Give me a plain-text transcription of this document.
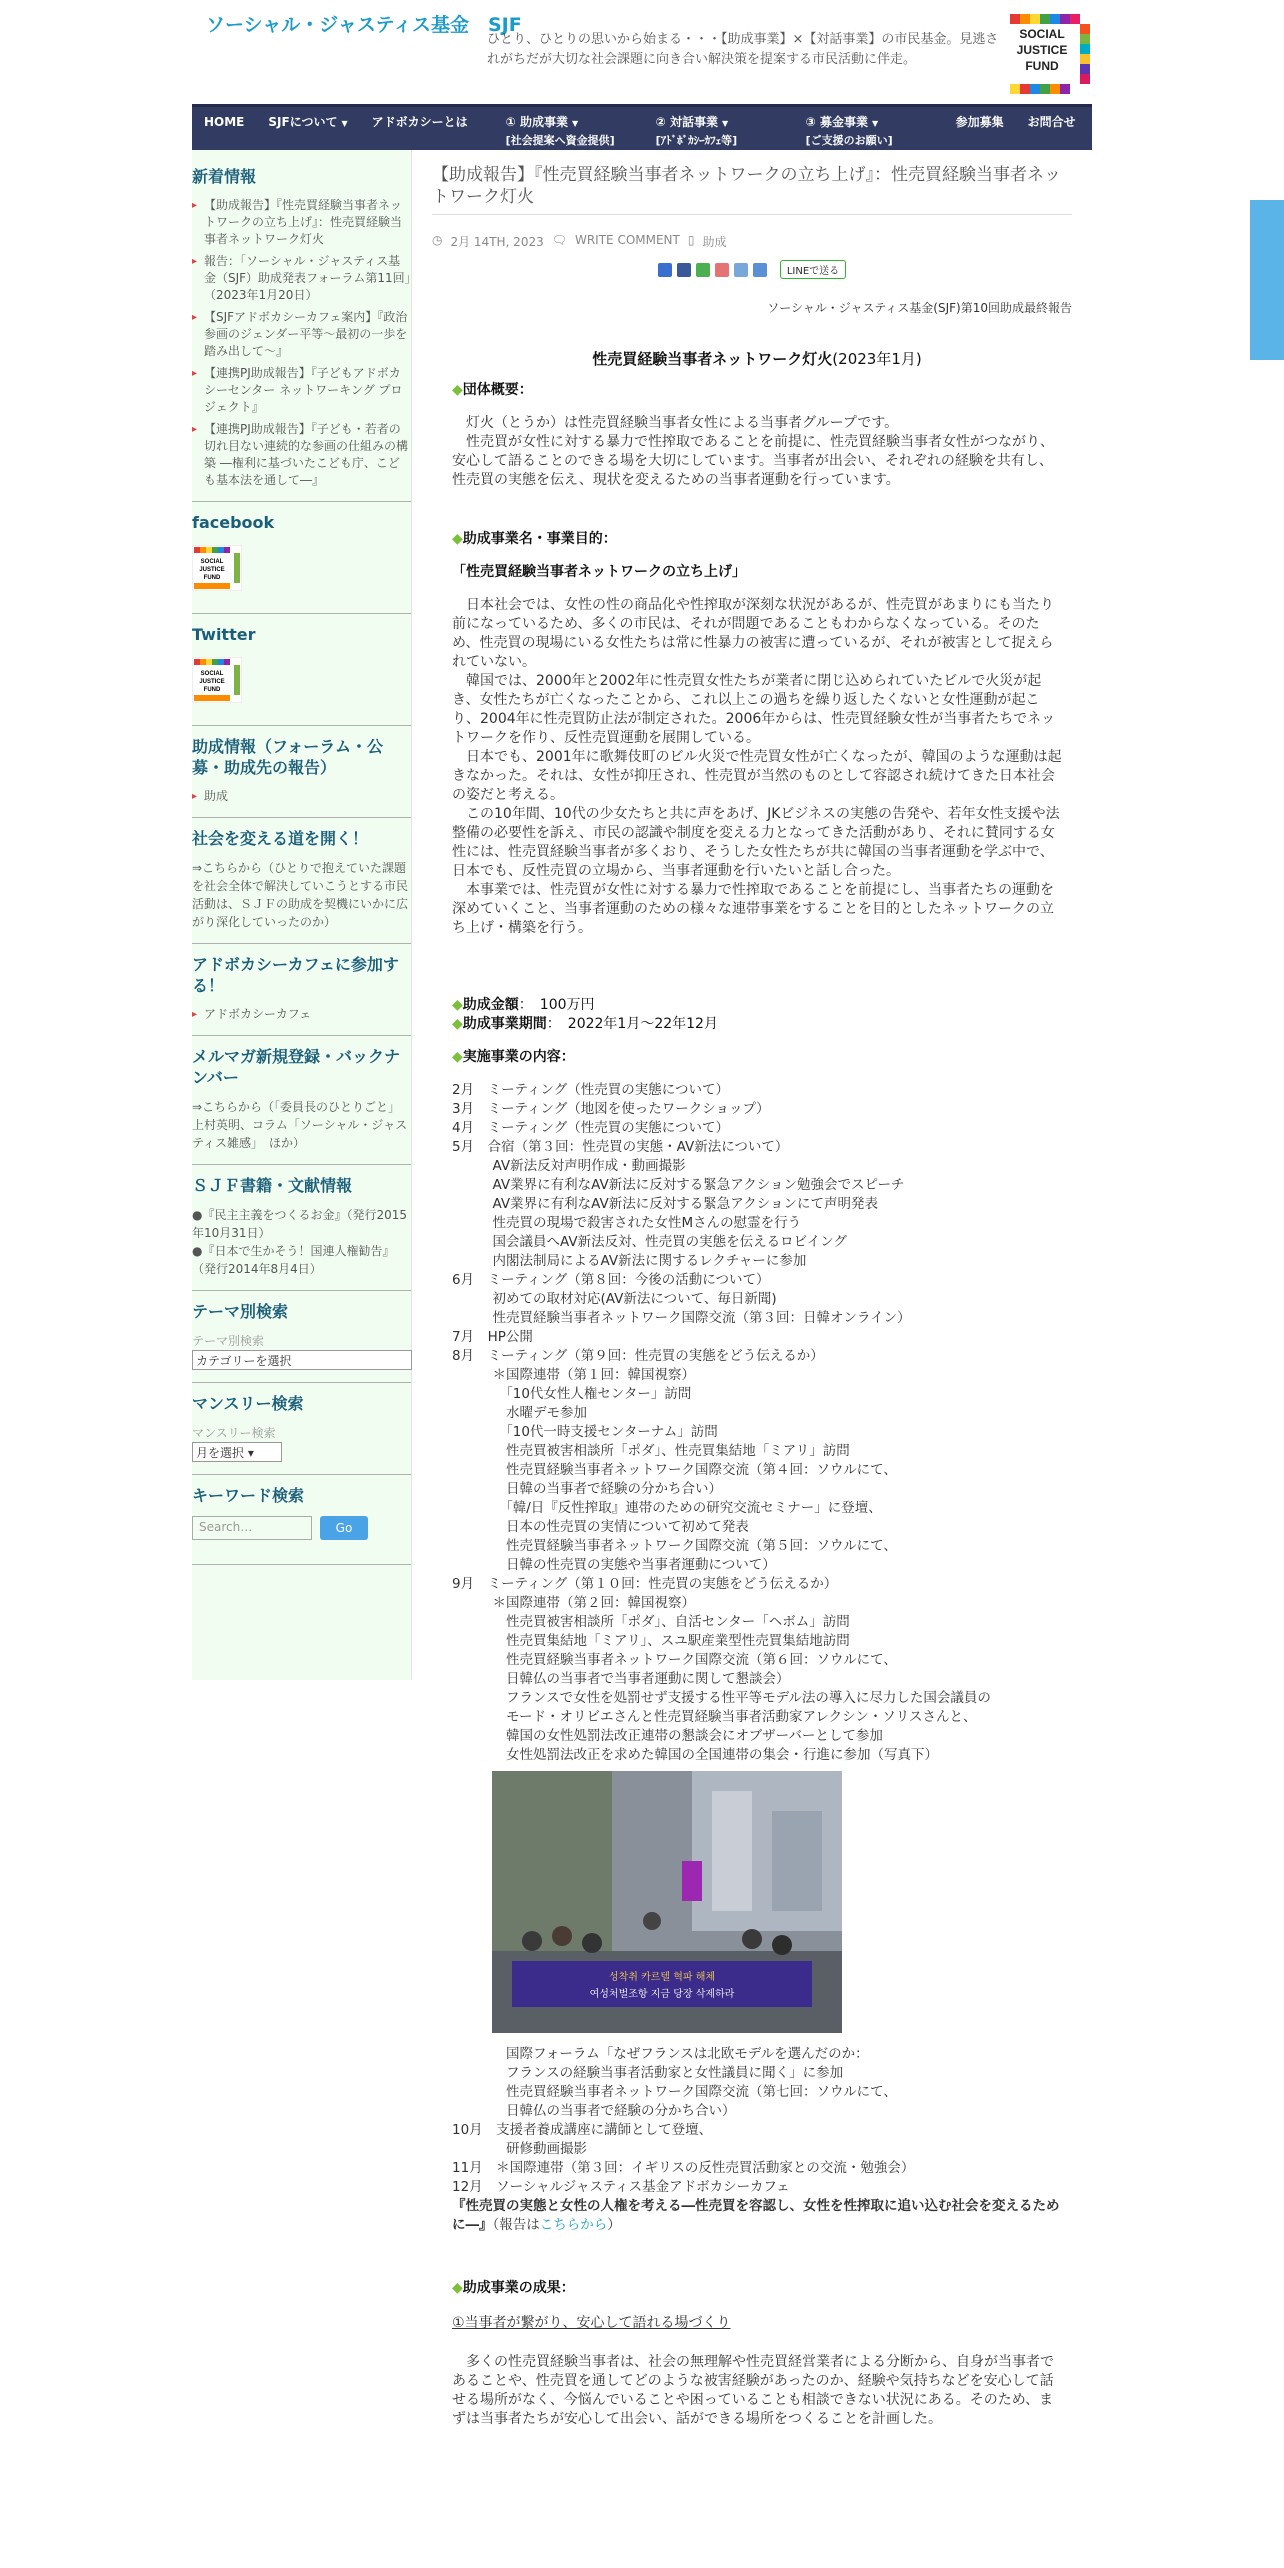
ソーシャル・ジャスティス基金　SJF
ひとり、ひとりの思いから始まる・・・【助成事業】×【対話事業】の市民基金。見逃されがちだが大切な社会課題に向き合い解決策を提案する市民活動に伴走。
SOCIAL
JUSTICE
FUND
HOME	SJFについて ▼	アドボカシーとは	① 助成事業 ▼
[社会提案へ資金提供]
② 対話事業 ▼
[ｱﾄﾞﾎﾞｶｼｰｶﾌｪ等]
③ 募金事業 ▼
[ご支援のお願い]
参加募集	お問合せ
新着情報
▸ 【助成報告】『性売買経験当事者ネットワークの立ち上げ』：性売買経験当事者ネットワーク灯火
▸ 報告：「ソーシャル・ジャスティス基金（SJF）助成発表フォーラム第11回」（2023年1月20日）
▸ 【SJFアドボカシーカフェ案内】『政治参画のジェンダー平等～最初の一歩を踏み出して～』
▸ 【連携PJ助成報告】『子どもアドボカシーセンター ネットワーキング プロジェクト』
▸ 【連携PJ助成報告】『子ども・若者の切れ目ない連続的な参画の仕組みの構築 ―権利に基づいたこども庁、こども基本法を通して―』
facebook
SOCIAL
JUSTICE
FUND
Twitter
SOCIAL
JUSTICE
FUND
助成情報（フォーラム・公募・助成先の報告）
▸ 助成
社会を変える道を開く！
⇒こちらから（ひとりで抱えていた課題を社会全体で解決していこうとする市民活動は、ＳＪＦの助成を契機にいかに広がり深化していったのか）
アドボカシーカフェに参加する！
▸ アドボカシーカフェ
メルマガ新規登録・バックナンバー
⇒こちらから（「委員長のひとりごと」上村英明、コラム「ソーシャル・ジャスティス雑感」　ほか）
ＳＪＦ書籍・文献情報
●『民主主義をつくるお金』（発行2015年10月31日）
●『日本で生かそう！国連人権勧告』（発行2014年8月4日）
テーマ別検索
テーマ別検索
カテゴリーを選択
マンスリー検索
マンスリー検索
月を選択 ▾
キーワード検索
Search…	Go
【助成報告】『性売買経験当事者ネットワークの立ち上げ』：性売買経験当事者ネットワーク灯火
◷ 2月 14TH, 2023 🗨 WRITE COMMENT ▯ 助成
LINEで送る
ソーシャル・ジャスティス基金(SJF)第10回助成最終報告
性売買経験当事者ネットワーク灯火(2023年1月)
◆団体概要：
灯火（とうか）は性売買経験当事者女性による当事者グループです。
　性売買が女性に対する暴力で性搾取であることを前提に、性売買経験当事者女性がつながり、安心して語ることのできる場を大切にしています。当事者が出会い、それぞれの経験を共有し、性売買の実態を伝え、現状を変えるための当事者運動を行っています。
◆助成事業名・事業目的：
「性売買経験当事者ネットワークの立ち上げ」
日本社会では、女性の性の商品化や性搾取が深刻な状況があるが、性売買があまりにも当たり前になっているため、多くの市民は、それが問題であることもわからなくなっている。そのため、性売買の現場にいる女性たちは常に性暴力の被害に遭っているが、それが被害として捉えられていない。
　韓国では、2000年と2002年に性売買女性たちが業者に閉じ込められていたビルで火災が起き、女性たちが亡くなったことから、これ以上この過ちを繰り返したくないと女性運動が起こり、2004年に性売買防止法が制定された。2006年からは、性売買経験女性が当事者たちでネットワークを作り、反性売買運動を展開している。
　日本でも、2001年に歌舞伎町のビル火災で性売買女性が亡くなったが、韓国のような運動は起きなかった。それは、女性が抑圧され、性売買が当然のものとして容認され続けてきた日本社会の姿だと考える。
　この10年間、10代の少女たちと共に声をあげ、JKビジネスの実態の告発や、若年女性支援や法整備の必要性を訴え、市民の認識や制度を変える力となってきた活動があり、それに賛同する女性には、性売買経験当事者が多くおり、そうした女性たちが共に韓国の当事者運動を学ぶ中で、日本でも、反性売買の立場から、当事者運動を行いたいと話し合った。
　本事業では、性売買が女性に対する暴力で性搾取であることを前提にし、当事者たちの運動を深めていくこと、当事者運動のための様々な連帯事業をすることを目的としたネットワークの立ち上げ・構築を行う。
◆助成金額：　100万円
◆助成事業期間：　2022年1月～22年12月
◆実施事業の内容：
2月　ミーティング（性売買の実態について）
3月　ミーティング（地図を使ったワークショップ）
4月　ミーティング（性売買の実態について）
5月　合宿（第３回：性売買の実態・AV新法について）
　　　AV新法反対声明作成・動画撮影
　　　AV業界に有利なAV新法に反対する緊急アクション勉強会でスピーチ
　　　AV業界に有利なAV新法に反対する緊急アクションにて声明発表
　　　性売買の現場で殺害された女性Mさんの慰霊を行う
　　　国会議員へAV新法反対、性売買の実態を伝えるロビイング
　　　内閣法制局によるAV新法に関するレクチャーに参加
6月　ミーティング（第８回：今後の活動について）
　　　初めての取材対応(AV新法について、毎日新聞)
　　　性売買経験当事者ネットワーク国際交流（第３回：日韓オンライン）
7月　HP公開
8月　ミーティング（第９回：性売買の実態をどう伝えるか）
　　　＊国際連帯（第１回：韓国視察）
　　　　「10代女性人権センター」訪問
　　　　水曜デモ参加
　　　　「10代一時支援センターナム」訪問
　　　　性売買被害相談所「ポダ」、性売買集結地「ミアリ」訪問
　　　　性売買経験当事者ネットワーク国際交流（第４回：ソウルにて、
　　　　日韓の当事者で経験の分かち合い）
　　　　「韓/日『反性搾取』連帯のための研究交流セミナー」に登壇、
　　　　日本の性売買の実情について初めて発表
　　　　性売買経験当事者ネットワーク国際交流（第５回：ソウルにて、
　　　　日韓の性売買の実態や当事者運動について）
9月　ミーティング（第１０回：性売買の実態をどう伝えるか）
　　　＊国際連帯（第２回：韓国視察）
　　　　性売買被害相談所「ポダ」、自活センター「ヘボム」訪問
　　　　性売買集結地「ミアリ」、スユ駅産業型性売買集結地訪問
　　　　性売買経験当事者ネットワーク国際交流（第６回：ソウルにて、
　　　　日韓仏の当事者で当事者運動に関して懇談会）
　　　　フランスで女性を処罰せず支援する性平等モデル法の導入に尽力した国会議員の
　　　　モード・オリビエさんと性売買経験当事者活動家アレクシン・ソリスさんと、
　　　　韓国の女性処罰法改正連帯の懇談会にオブザーバーとして参加
　　　　女性処罰法改正を求めた韓国の全国連帯の集会・行進に参加（写真下）
성착취 카르텔 혁파 해체
여성처벌조항 지금 당장 삭제하라
　　　　国際フォーラム「なぜフランスは北欧モデルを選んだのか：
　　　　フランスの経験当事者活動家と女性議員に聞く」に参加
　　　　性売買経験当事者ネットワーク国際交流（第七回：ソウルにて、
　　　　日韓仏の当事者で経験の分かち合い）
10月　支援者養成講座に講師として登壇、
　　　　研修動画撮影
11月　＊国際連帯（第３回：イギリスの反性売買活動家との交流・勉強会）
12月　ソーシャルジャスティス基金アドボカシーカフェ
『性売買の実態と女性の人権を考える―性売買を容認し、女性を性搾取に追い込む社会を変えるために―』（報告はこちらから）
◆助成事業の成果：
①当事者が繋がり、安心して語れる場づくり
多くの性売買経験当事者は、社会の無理解や性売買経営業者による分断から、自身が当事者であることや、性売買を通してどのような被害経験があったのか、経験や気持ちなどを安心して話せる場所がなく、今悩んでいることや困っていることも相談できない状況にある。そのため、まずは当事者たちが安心して出会い、話ができる場所をつくることを計画した。
